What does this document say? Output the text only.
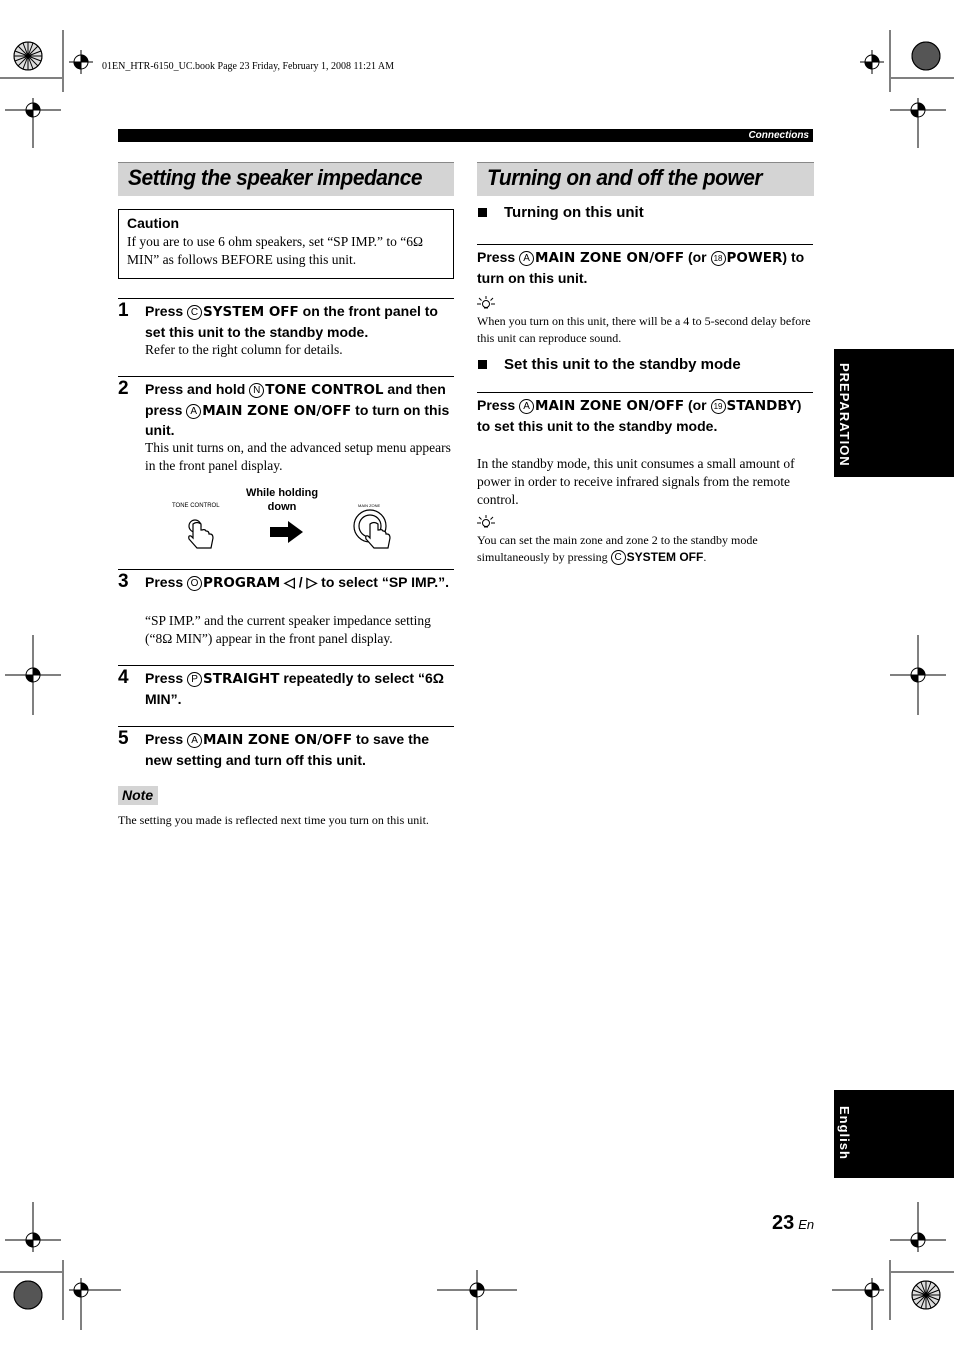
01EN_HTR-6150_UC.book Page 23 Friday, February 1, 2008 11:21 AM
Connections
Setting the speaker impedance
Caution
If you are to use 6 ohm speakers, set “SP IMP.” to “6Ω MIN” as follows BEFORE using this unit.
1 Press C SYSTEM OFF on the front panel to set this unit to the standby mode.
Refer to the right column for details.
2 Press and hold N TONE CONTROL and then press A MAIN ZONE ON/OFF to turn on this unit.
This unit turns on, and the advanced setup menu appears in the front panel display.
TONE CONTROL
While holding down	MAIN ZONE
3 Press O PROGRAM ◁ / ▷ to select “SP IMP.”.
“SP IMP.” and the current speaker impedance setting (“8Ω MIN”) appear in the front panel display.
4 Press P STRAIGHT repeatedly to select “6Ω MIN”.
5 Press A MAIN ZONE ON/OFF to save the new setting and turn off this unit.
Note
The setting you made is reflected next time you turn on this unit.
Turning on and off the power
Turning on this unit
Press A MAIN ZONE ON/OFF (or 18 POWER) to turn on this unit.
When you turn on this unit, there will be a 4 to 5-second delay before this unit can reproduce sound.
Set this unit to the standby mode
Press A MAIN ZONE ON/OFF (or 19 STANDBY) to set this unit to the standby mode.
In the standby mode, this unit consumes a small amount of power in order to receive infrared signals from the remote control.
You can set the main zone and zone 2 to the standby mode simultaneously by pressing C SYSTEM OFF.
PREPARATION
English
23 En
